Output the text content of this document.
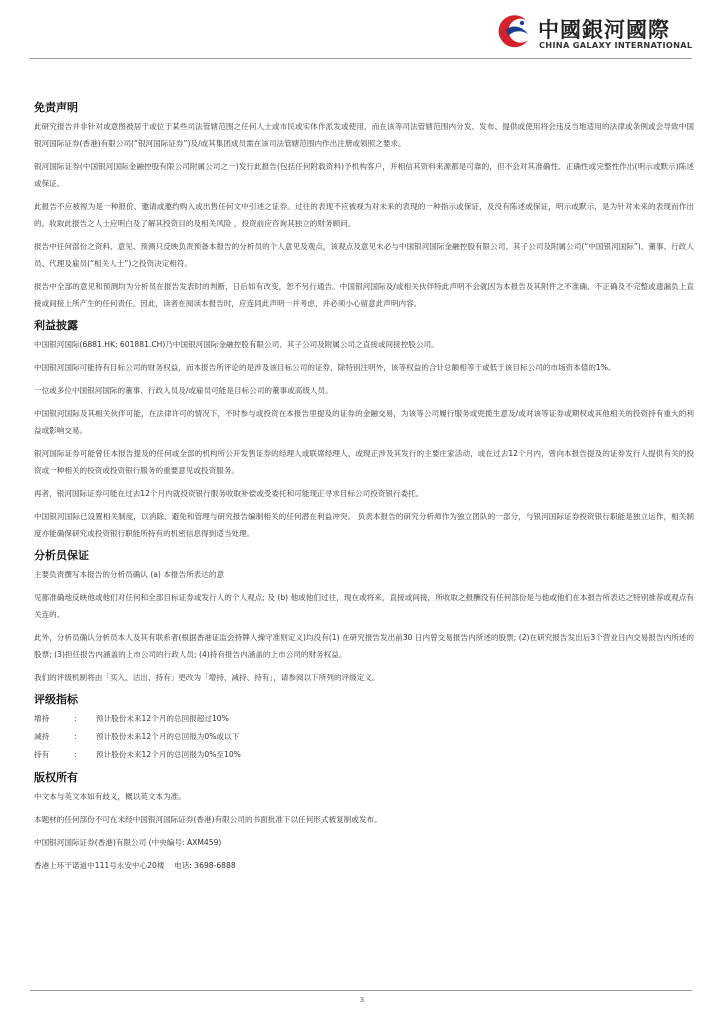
中國銀河國際
CHINA GALAXY INTERNATIONAL
免责声明

此研究报告并非针对或意图被居于或位于某些司法管辖范围之任何人士或市民或实体作派发或使用，而在该等司法管辖范围内分发、发布、提供或使用将会违反当地适用的法律或条例或会导致中国银河国际证券(香港)有限公司(“银河国际证券”)及/或其集团成员需在该司法管辖范围内作出注册或领照之要求。

银河国际证券(中国银河国际金融控股有限公司附属公司之一)发行此报告(包括任何附载资料)予机构客户，并相信其资料来源都是可靠的，但不会对其准确性、正确性或完整性作出(明示或默示)陈述或保证。

此报告不应被视为是一种报价、邀请或邀约购入或出售任何文中引述之证券。过往的表现不应被视为对未来的表现的一种指示或保证，及没有陈述或保证，明示或默示，是为针对未来的表现而作出的。收取此报告之人士应明白及了解其投资目的及相关风险 ，投资前应咨询其独立的财务顾问。

报告中任何部份之资料、意见、预测只反映负责预备本报告的分析员的个人意见及观点，该观点及意见未必与中国银河国际金融控股有限公司、其子公司及附属公司(“中国银河国际”)、董事、行政人员、代理及雇员(“相关人士”)之投资决定相符。

报告中全部的意见和预测均为分析员在报告发表时的判断，日后如有改变，恕不另行通告。中国银河国际及/或相关伙伴特此声明不会就因为本报告及其附件之不准确、不正确及不完整或遗漏负上直接或间接上所产生的任何责任。因此，读者在阅读本报告时，应连同此声明一并考虑，并必须小心留意此声明内容。

利益披露

中国银河国际(6881.HK; 601881.CH)乃中国银河国际金融控股有限公司、其子公司及附属公司之直接或间接控股公司。

中国银河国际可能持有目标公司的财务权益，而本报告所评论的是涉及该目标公司的证券，除特别注明外，该等权益的合计总额相等于或低于该目标公司的市场资本值的1%。

一位或多位中国银河国际的董事、行政人员及/或雇员可能是目标公司的董事或高级人员。

中国银河国际及其相关伙伴可能，在法律许可的情况下，不时参与或投资在本报告里提及的证券的金融交易，为该等公司履行服务或兜揽生意及/或对该等证券或期权或其他相关的投资持有重大的利益或影响交易。

银河国际证券可能曾任本报告提及的任何或全部的机构所公开发售证券的经理人或联席经理人，或现正涉及其发行的主要庄家活动，或在过去12个月内，曾向本报告提及的证券发行人提供有关的投资或一种相关的投资或投资银行服务的重要意见或投资服务。

再者，银河国际证券可能在过去12个月内就投资银行服务收取补偿或受委托和可能现正寻求目标公司投资银行委托。

中国银河国际已设置相关制度，以消除、避免和管理与研究报告编制相关的任何潜在利益冲突。 负责本报告的研究分析师作为独立团队的一部分，与银河国际证券投资银行职能是独立运作，相关制度亦能确保研究或投资银行职能所持有的机密信息得到适当处理。

分析员保证

主要负责撰写本报告的分析员确认 (a) 本报告所表达的意

见都准确地反映他或他们对任何和全部目标证券或发行人的个人观点; 及 (b) 他或他们过往，现在或将来，直接或间接，所收取之报酬没有任何部份是与他或他们在本报告所表达之特别推荐或观点有关连的。

此外，分析员确认分析员本人及其有联系者(根据香港证监会持牌人操守准则定义)均没有(1) 在研究报告发出前30 日内曾交易报告内所述的股票; (2)在研究报告发出后3个营业日内交易报告内所述的股票; (3)担任报告内涵盖的上市公司的行政人员; (4)持有报告内涵盖的上市公司的财务权益。

我们的评级机制将由「买入、沽出、持有」更改为「增持、减持、持有」，请参阅以下所列的评级定义。

评级指标
增持	:	预计股份未来12个月的总回报超过10%
减持	:	预计股份未来12个月的总回报为0%或以下
持有	:	预计股份未来12个月的总回报为0%至10%
版权所有

中文本与英文本如有歧义，概以英文本为准。

本题材的任何部份不可在未经中国银河国际证券(香港)有限公司的书面批准下以任何形式被复制或发布。

中国银河国际证券(香港)有限公司 (中央编号: AXM459)

香港上环干诺道中111号永安中心20楼    电话: 3698-6888

3
